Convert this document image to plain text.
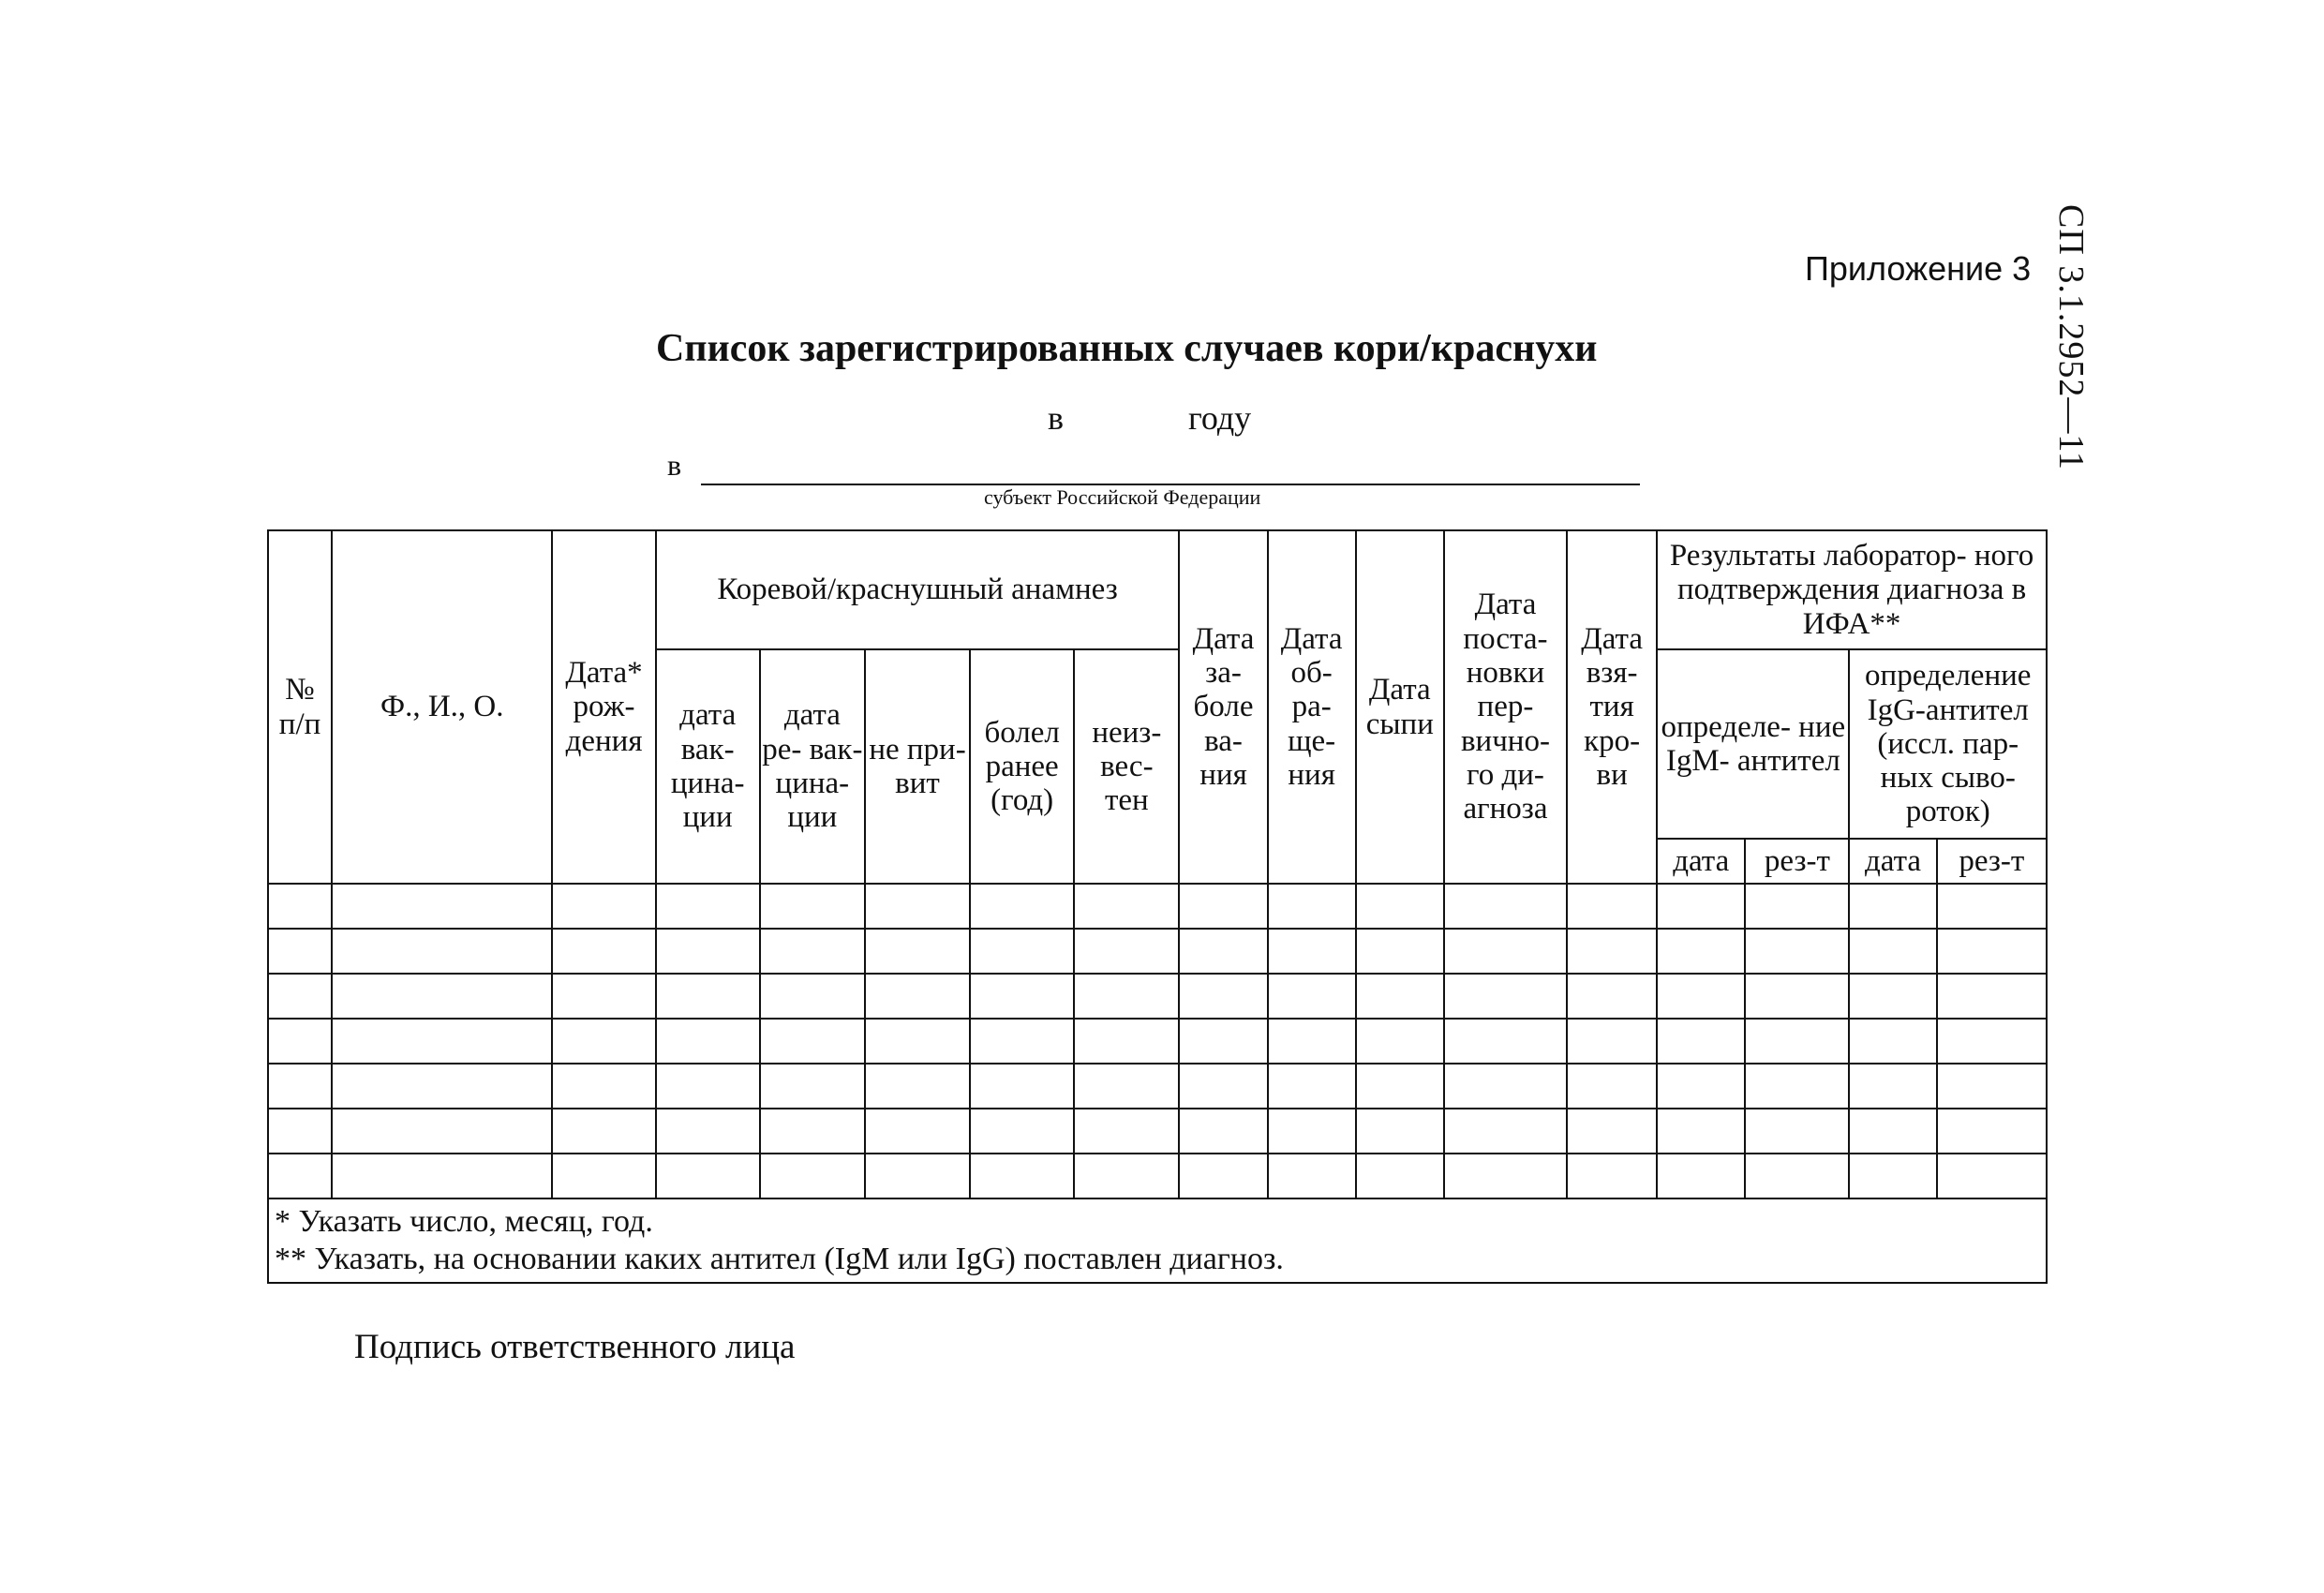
Приложение 3 СП 3.1.2952—11
Список зарегистрированных случаев кори/краснухи
в	году
в
субъект Российской Федерации
№ п/п	Ф., И., О.	Дата* рож- дения	Коревой/краснушный анамнез					Дата за- боле ва- ния	Дата об- ра- ще- ния	Дата сыпи	Дата поста- новки пер- вично- го ди- агноза	Дата взя- тия кро- ви	Результаты лаборатор- ного подтверждения диагноза в ИФА**			
			дата вак- цина- ции	дата ре- вак- цина- ции	не при- вит	болел ранее (год)	неиз- вес- тен						определе- ние IgM- антител		определение IgG-антител (иссл. пар- ных сыво- роток)	
													дата	рез-т	дата	рез-т

* Указать число, месяц, год.
** Указать, на основании каких антител (IgM или IgG) поставлен диагноз.																
Подпись ответственного лица
